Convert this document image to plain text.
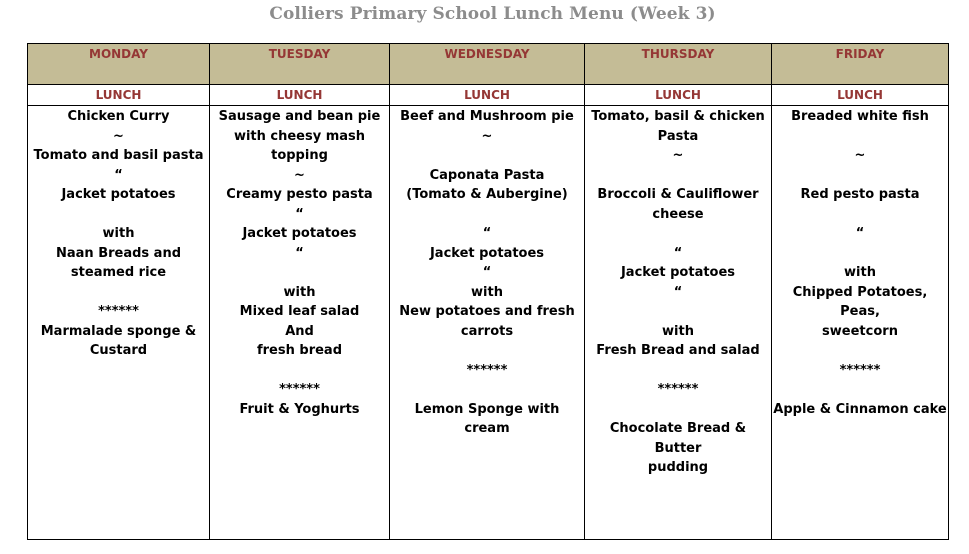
Colliers Primary School Lunch Menu (Week 3)
MONDAY
LUNCH
Chicken Curry
~
Tomato and basil pasta
“
Jacket potatoes
with
Naan Breads and
steamed rice
******
Marmalade sponge &
Custard
TUESDAY
LUNCH
Sausage and bean pie
with cheesy mash
topping
~
Creamy pesto pasta
“
Jacket potatoes
“
with
Mixed leaf salad
And
fresh bread
******
Fruit & Yoghurts
WEDNESDAY
LUNCH
Beef and Mushroom pie
~
Caponata Pasta
(Tomato & Aubergine)
“
Jacket potatoes
“
with
New potatoes and fresh
carrots
******
Lemon Sponge with cream
THURSDAY
LUNCH
Tomato, basil & chicken
Pasta
~
Broccoli & Cauliflower
cheese
“
Jacket potatoes
“
with
Fresh Bread and salad
******
Chocolate Bread & Butter
pudding
FRIDAY
LUNCH
Breaded white fish
~
Red pesto pasta
“
with
Chipped Potatoes, Peas,
sweetcorn
******
Apple & Cinnamon cake
